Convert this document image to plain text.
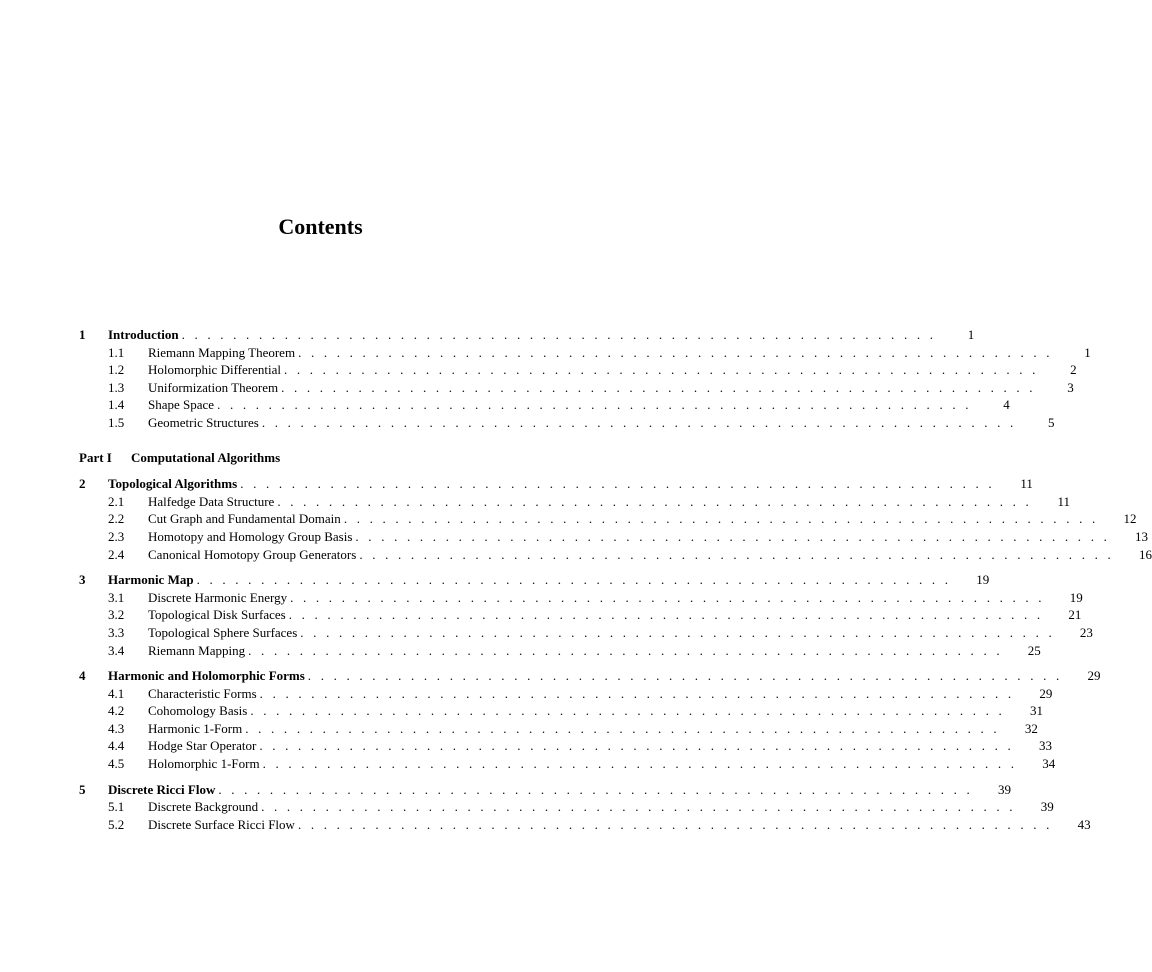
Contents
1	Introduction . . . . . . . . . . . . . . . . . . . . . . . . . . . . . . . . . . . . . . . . . . . . . . . . . . . . . . . . . . .	1
1.1	Riemann Mapping Theorem . . . . . . . . . . . . . . . . . . . . . . . . . . . . . . . . . . . . . . . . . . . . . . . . . . . . . . . . . . .	1
1.2	Holomorphic Differential . . . . . . . . . . . . . . . . . . . . . . . . . . . . . . . . . . . . . . . . . . . . . . . . . . . . . . . . . . .	2
1.3	Uniformization Theorem . . . . . . . . . . . . . . . . . . . . . . . . . . . . . . . . . . . . . . . . . . . . . . . . . . . . . . . . . . .	3
1.4	Shape Space . . . . . . . . . . . . . . . . . . . . . . . . . . . . . . . . . . . . . . . . . . . . . . . . . . . . . . . . . . .	4
1.5	Geometric Structures . . . . . . . . . . . . . . . . . . . . . . . . . . . . . . . . . . . . . . . . . . . . . . . . . . . . . . . . . . .	5
Part I Computational Algorithms
2	Topological Algorithms . . . . . . . . . . . . . . . . . . . . . . . . . . . . . . . . . . . . . . . . . . . . . . . . . . . . . . . . . . .	11
2.1	Halfedge Data Structure . . . . . . . . . . . . . . . . . . . . . . . . . . . . . . . . . . . . . . . . . . . . . . . . . . . . . . . . . . .	11
2.2	Cut Graph and Fundamental Domain . . . . . . . . . . . . . . . . . . . . . . . . . . . . . . . . . . . . . . . . . . . . . . . . . . . . . . . . . . .	12
2.3	Homotopy and Homology Group Basis . . . . . . . . . . . . . . . . . . . . . . . . . . . . . . . . . . . . . . . . . . . . . . . . . . . . . . . . . . .	13
2.4	Canonical Homotopy Group Generators . . . . . . . . . . . . . . . . . . . . . . . . . . . . . . . . . . . . . . . . . . . . . . . . . . . . . . . . . . .	16
3	Harmonic Map . . . . . . . . . . . . . . . . . . . . . . . . . . . . . . . . . . . . . . . . . . . . . . . . . . . . . . . . . . .	19
3.1	Discrete Harmonic Energy . . . . . . . . . . . . . . . . . . . . . . . . . . . . . . . . . . . . . . . . . . . . . . . . . . . . . . . . . . .	19
3.2	Topological Disk Surfaces . . . . . . . . . . . . . . . . . . . . . . . . . . . . . . . . . . . . . . . . . . . . . . . . . . . . . . . . . . .	21
3.3	Topological Sphere Surfaces . . . . . . . . . . . . . . . . . . . . . . . . . . . . . . . . . . . . . . . . . . . . . . . . . . . . . . . . . . .	23
3.4	Riemann Mapping . . . . . . . . . . . . . . . . . . . . . . . . . . . . . . . . . . . . . . . . . . . . . . . . . . . . . . . . . . .	25
4	Harmonic and Holomorphic Forms . . . . . . . . . . . . . . . . . . . . . . . . . . . . . . . . . . . . . . . . . . . . . . . . . . . . . . . . . . .	29
4.1	Characteristic Forms . . . . . . . . . . . . . . . . . . . . . . . . . . . . . . . . . . . . . . . . . . . . . . . . . . . . . . . . . . .	29
4.2	Cohomology Basis . . . . . . . . . . . . . . . . . . . . . . . . . . . . . . . . . . . . . . . . . . . . . . . . . . . . . . . . . . .	31
4.3	Harmonic 1-Form . . . . . . . . . . . . . . . . . . . . . . . . . . . . . . . . . . . . . . . . . . . . . . . . . . . . . . . . . . .	32
4.4	Hodge Star Operator . . . . . . . . . . . . . . . . . . . . . . . . . . . . . . . . . . . . . . . . . . . . . . . . . . . . . . . . . . .	33
4.5	Holomorphic 1-Form . . . . . . . . . . . . . . . . . . . . . . . . . . . . . . . . . . . . . . . . . . . . . . . . . . . . . . . . . . .	34
5	Discrete Ricci Flow . . . . . . . . . . . . . . . . . . . . . . . . . . . . . . . . . . . . . . . . . . . . . . . . . . . . . . . . . . .	39
5.1	Discrete Background . . . . . . . . . . . . . . . . . . . . . . . . . . . . . . . . . . . . . . . . . . . . . . . . . . . . . . . . . . .	39
5.2	Discrete Surface Ricci Flow . . . . . . . . . . . . . . . . . . . . . . . . . . . . . . . . . . . . . . . . . . . . . . . . . . . . . . . . . . .	43
